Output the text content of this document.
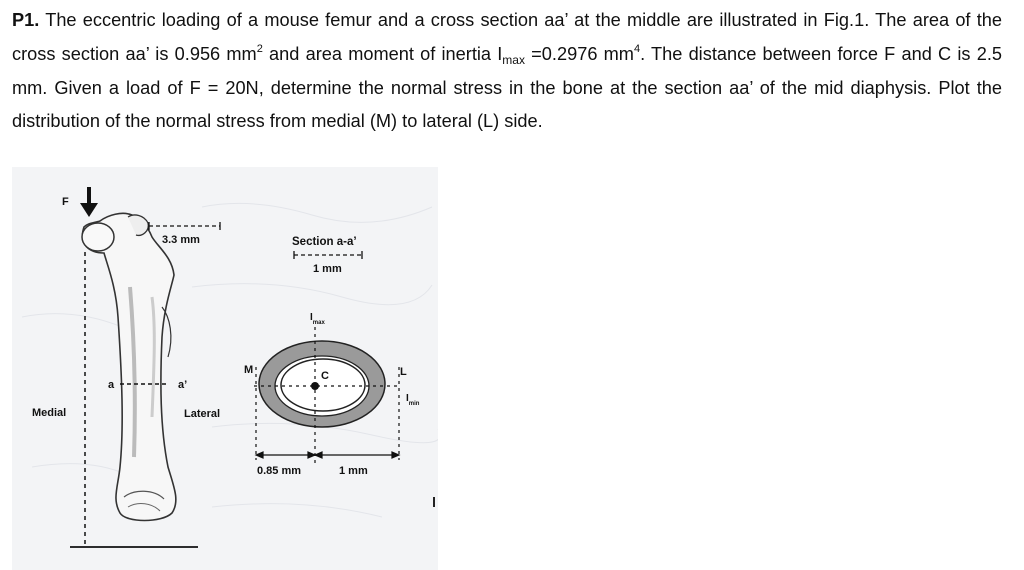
P1. The eccentric loading of a mouse femur and a cross section aa’ at the middle are illustrated in Fig.1. The area of the cross section aa’ is 0.956 $mm^2$ and area moment of inertia $I_{max} =0.2976$ $mm^4$. The distance between force F and C is 2.5 mm. Given a load of F = 20N, determine the normal stress in the bone at the section aa’ of the mid diaphysis. Plot the distribution of the normal stress from medial (M) to lateral (L) side.
F
3.3 mm	Section a-a’
1 mm
$I_{max}$
a	a’
M	C	L
$I_{min}$
Medial	Lateral
0.85 mm	1 mm
